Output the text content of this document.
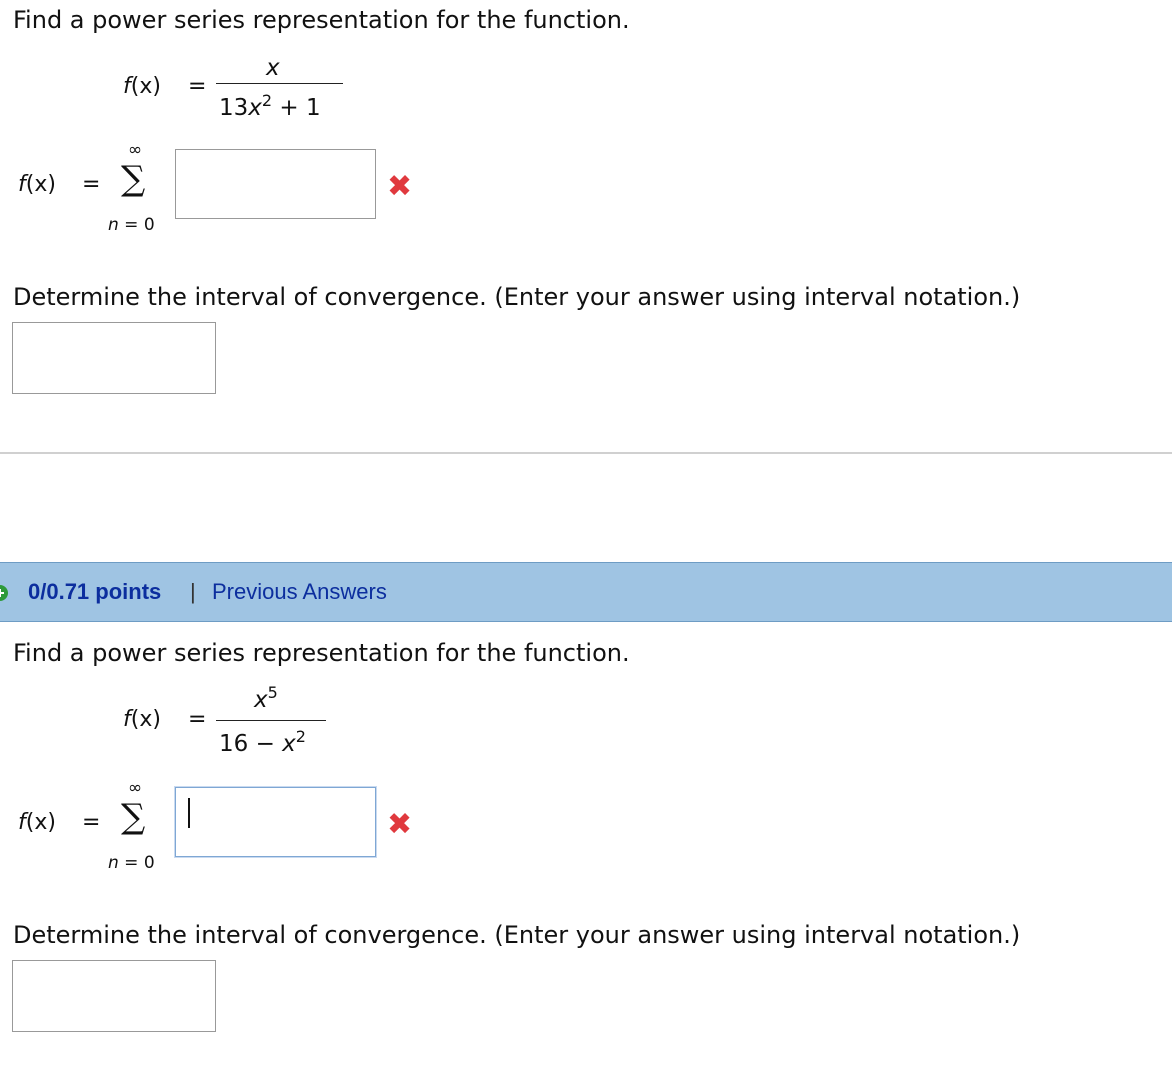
Find a power series representation for the function.
f(x) =
x
$13x^2 + 1$
f(x) =
∞
∑
n = 0
✖
Determine the interval of convergence. (Enter your answer using interval notation.)
0/0.71 points | Previous Answers
Find a power series representation for the function.
f(x) =
$x^5$
$16 - x^2$
f(x) =
∞
∑
n = 0
✖
Determine the interval of convergence. (Enter your answer using interval notation.)
